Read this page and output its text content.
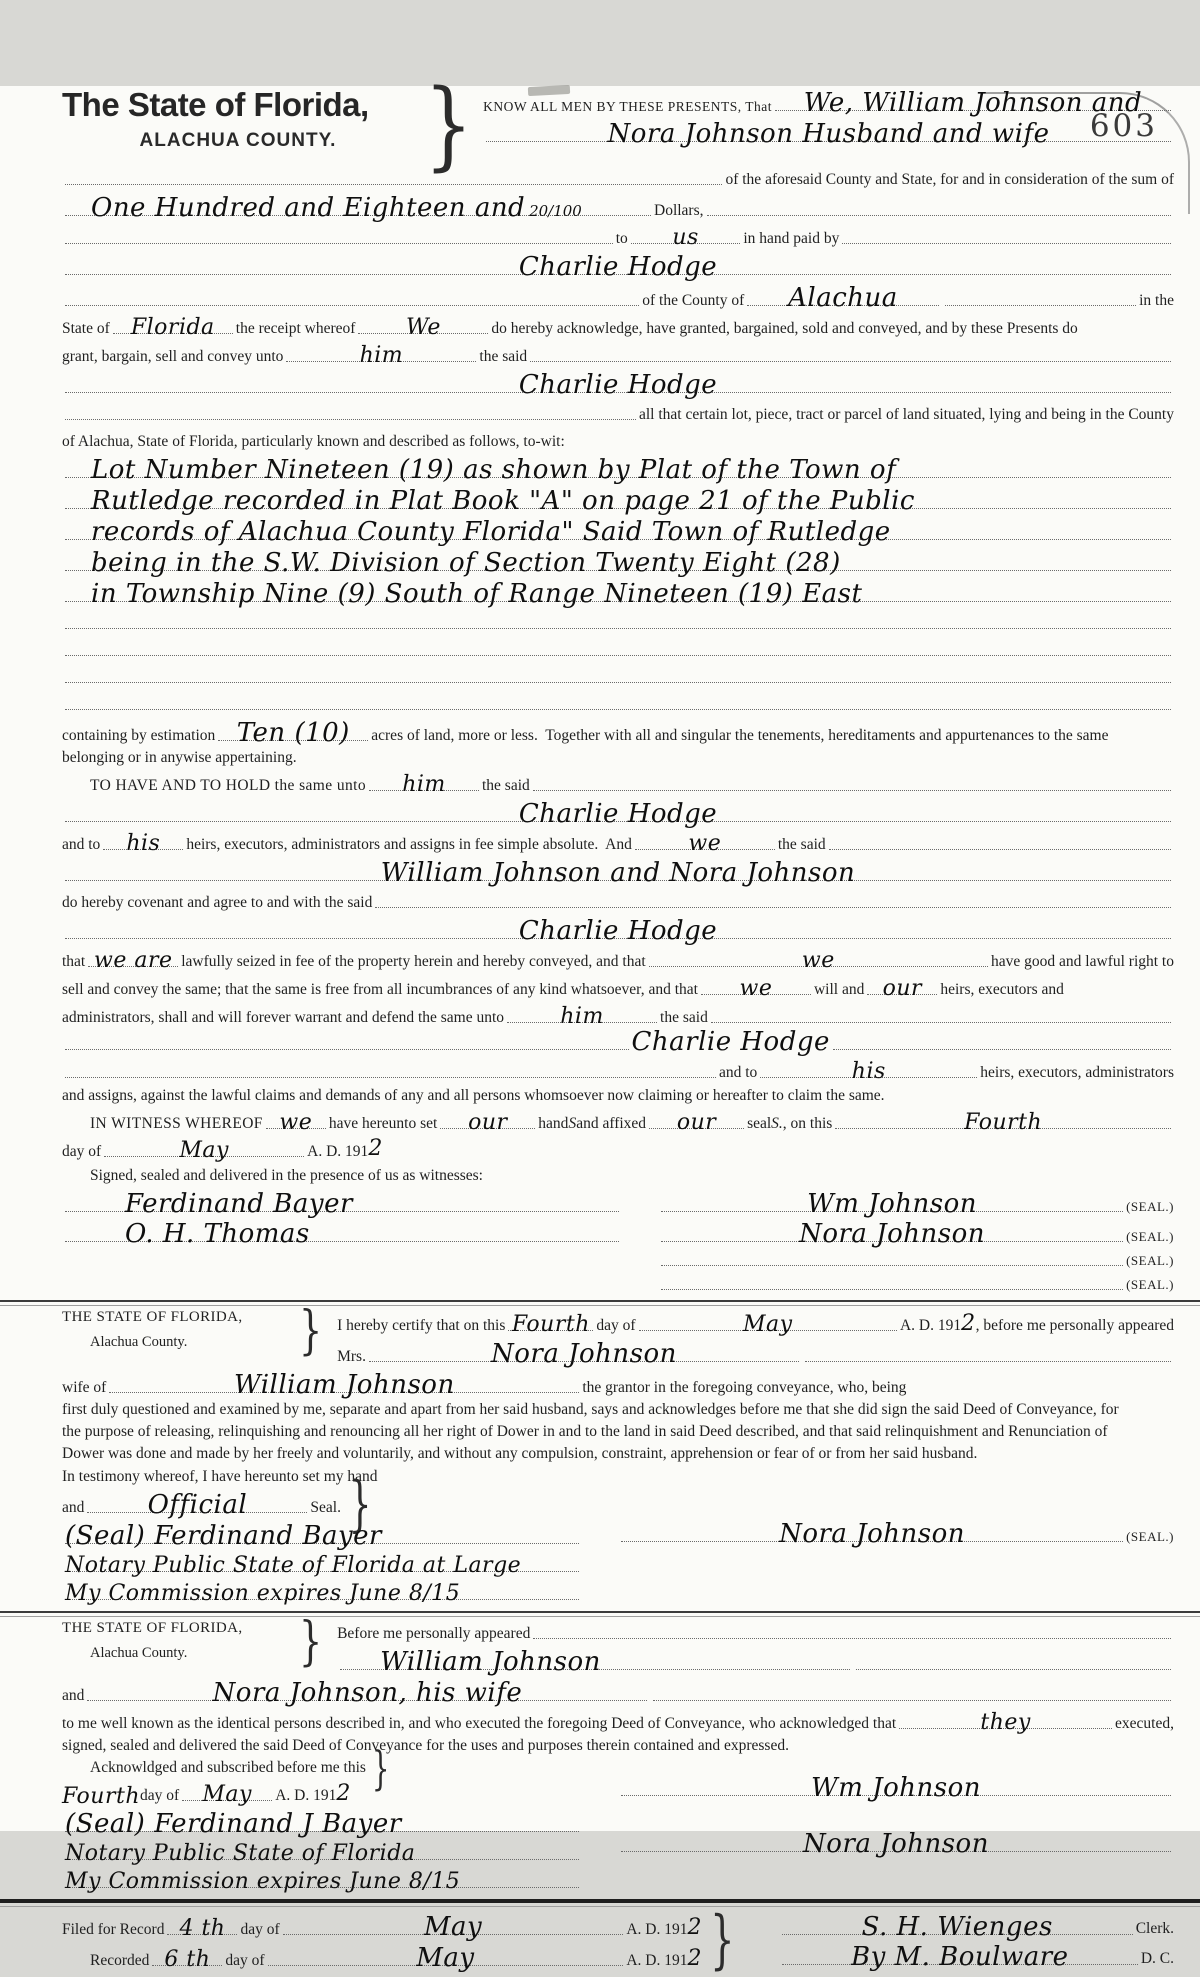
603
The State of Florida,
ALACHUA COUNTY. } KNOW ALL MEN BY THESE PRESENTS, That	We, William Johnson and
Nora Johnson Husband and wife
of the aforesaid County and State, for and in consideration of the sum of
One Hundred and Eighteen and 20/100	Dollars,
to	us	in hand paid by
Charlie Hodge
of the County of	Alachua	in the
State of Florida	the receipt whereof	We	do hereby acknowledge, have granted, bargained, sold and conveyed, and by these Presents do
grant, bargain, sell and convey unto	him	the said
Charlie Hodge
all that certain lot, piece, tract or parcel of land situated, lying and being in the County
of Alachua, State of Florida, particularly known and described as follows, to-wit:
Lot Number Nineteen (19) as shown by Plat of the Town of
Rutledge recorded in Plat Book "A" on page 21 of the Public
records of Alachua County Florida" Said Town of Rutledge
being in the S.W. Division of Section Twenty Eight (28)
in Township Nine (9) South of Range Nineteen (19) East
containing by estimation Ten (10)	acres of land, more or less.  Together with all and singular the tenements, hereditaments and appurtenances to the same
belonging or in anywise appertaining.
TO HAVE AND TO HOLD the same unto	him	the said
Charlie Hodge
and to	his	heirs, executors, administrators and assigns in fee simple absolute.  And	we	the said
William Johnson and Nora Johnson
do hereby covenant and agree to and with the said
Charlie Hodge
that we are lawfully seized in fee of the property herein and hereby conveyed, and that	we	have good and lawful right to
sell and convey the same; that the same is free from all incumbrances of any kind whatsoever, and that	we	will and our	heirs, executors and
administrators, shall and will forever warrant and defend the same unto	him	the said
Charlie Hodge
and to	his	heirs, executors, administrators
and assigns, against the lawful claims and demands of any and all persons whomsoever now claiming or hereafter to claim the same.
IN WITNESS WHEREOF we	have hereunto set	our	hand S and affixed	our	seal S. , on this	Fourth
day of	May	A. D. 191 2
Signed, sealed and delivered in the presence of us as witnesses:
Ferdinand Bayer
O. H. Thomas
Wm Johnson	(SEAL.)
Nora Johnson	(SEAL.)
(SEAL.)
(SEAL.)
THE STATE OF FLORIDA,
Alachua County.	} I hereby certify that on this Fourth day of	May	A. D. 191 2 , before me personally appeared
Mrs.	Nora Johnson
wife of	William Johnson	the grantor in the foregoing conveyance, who, being
first duly questioned and examined by me, separate and apart from her said husband, says and acknowledges before me that she did sign the said Deed of Conveyance, for
the purpose of releasing, relinquishing and renouncing all her right of Dower in and to the land in said Deed described, and that said relinquishment and Renunciation of
Dower was done and made by her freely and voluntarily, and without any compulsion, constraint, apprehension or fear of or from her said husband.
In testimony whereof, I have hereunto set my hand
and	Official	Seal. }
(Seal) Ferdinand Bayer
Notary Public State of Florida at Large
My Commission expires June 8/15
Nora Johnson	(SEAL.)
THE STATE OF FLORIDA,
Alachua County.	} Before me personally appeared
William Johnson
and	Nora Johnson, his wife
to me well known as the identical persons described in, and who executed the foregoing Deed of Conveyance, who acknowledged that	they	executed,
signed, sealed and delivered the said Deed of Conveyance for the uses and purposes therein contained and expressed.
Acknowldged and subscribed before me this }
Fourth day of	May	A. D. 191 2
(Seal) Ferdinand J Bayer
Notary Public State of Florida
My Commission expires June 8/15
Wm Johnson
Nora Johnson
Filed for Record 4 th day of	May	A. D. 191 2
Recorded 6 th day of	May	A. D. 191 2 }	S. H. Wienges	Clerk.
By M. Boulware	D. C.
